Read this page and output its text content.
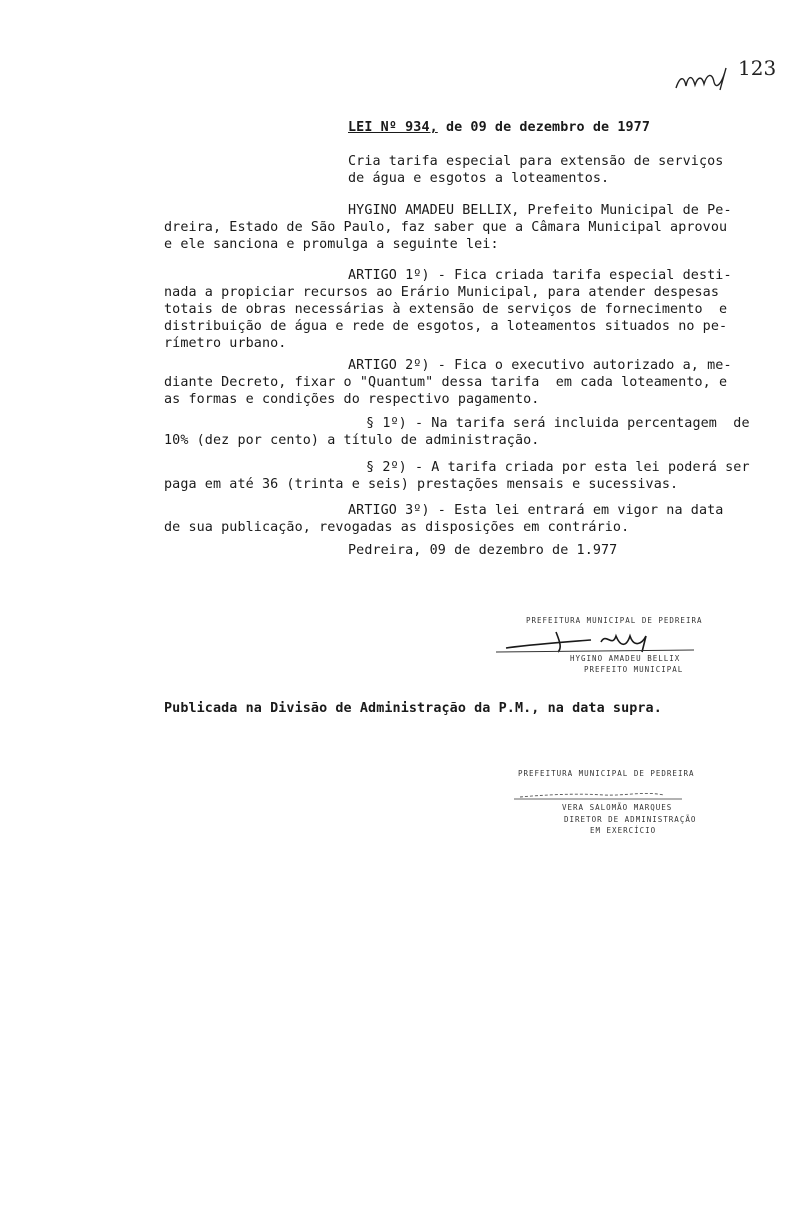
123
LEI Nº 934, de 09 de dezembro de 1977
Cria tarifa especial para extensão de serviços
de água e esgotos a loteamentos.
HYGINO AMADEU BELLIX, Prefeito Municipal de Pe-
dreira, Estado de São Paulo, faz saber que a Câmara Municipal aprovou
e ele sanciona e promulga a seguinte lei:
ARTIGO 1º) - Fica criada tarifa especial desti-
nada a propiciar recursos ao Erário Municipal, para atender despesas
totais de obras necessárias à extensão de serviços de fornecimento  e
distribuição de água e rede de esgotos, a loteamentos situados no pe-
rímetro urbano.
ARTIGO 2º) - Fica o executivo autorizado a, me-
diante Decreto, fixar o "Quantum" dessa tarifa  em cada loteamento, e
as formas e condições do respectivo pagamento.
§ 1º) - Na tarifa será incluida percentagem  de
10% (dez por cento) a título de administração.
§ 2º) - A tarifa criada por esta lei poderá ser
paga em até 36 (trinta e seis) prestações mensais e sucessivas.
ARTIGO 3º) - Esta lei entrará em vigor na data
de sua publicação, revogadas as disposições em contrário.
Pedreira, 09 de dezembro de 1.977
PREFEITURA MUNICIPAL DE PEDREIRA
HYGINO AMADEU BELLIX
PREFEITO MUNICIPAL
Publicada na Divisão de Administração da P.M., na data supra.
PREFEITURA MUNICIPAL DE PEDREIRA
VERA SALOMÃO MARQUES
DIRETOR DE ADMINISTRAÇÃO
EM EXERCÍCIO
